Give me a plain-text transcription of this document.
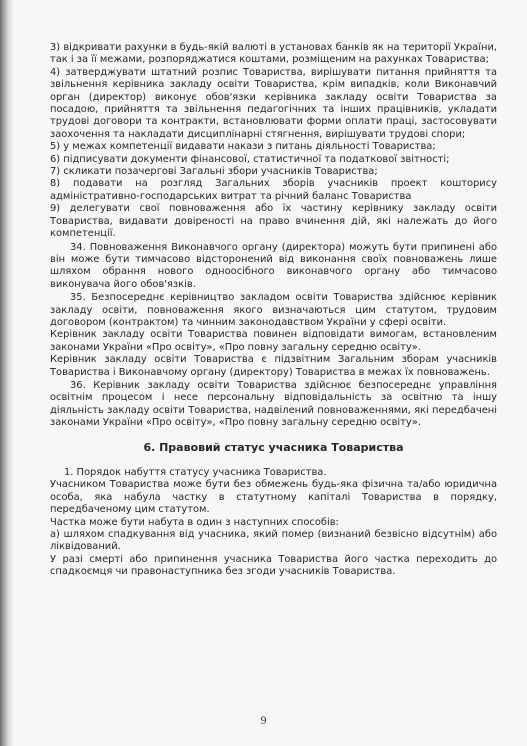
3) відкривати рахунки в будь-якій валюті в установах банків як на території України, так і за її межами, розпоряджатися коштами, розміщеним на рахунках Товариства;

4) затверджувати штатний розпис Товариства, вирішувати питання прийняття та звільнення керівника закладу освіти Товариства, крім випадків, коли Виконавчий орган (директор) виконує обов'язки керівника закладу освіти Товариства за посадою, прийняття та звільнення педагогічних та інших працівників, укладати трудові договори та контракти, встановлювати форми оплати праці, застосовувати заохочення та накладати дисциплінарні стягнення, вирішувати трудові спори;

5) у межах компетенції видавати накази з питань діяльності Товариства;

6) підписувати документи фінансової, статистичної та податкової звітності;

7) скликати позачергові Загальні збори учасників Товариства;

8) подавати на розгляд Загальних зборів учасників проект кошторису адміністративно-господарських витрат та річний баланс Товариства

9) делегувати свої повноваження або їх частину керівнику закладу освіти Товариства, видавати довіреності на право вчинення дій, які належать до його компетенції.

34. Повноваження Виконавчого органу (директора) можуть бути припинені або він може бути тимчасово відсторонений від виконання своїх повноважень лише шляхом обрання нового одноосібного виконавчого органу або тимчасово виконувача його обов'язків.

35. Безпосереднє керівництво закладом освіти Товариства здійснює керівник закладу освіти, повноваження якого визначаються цим статутом, трудовим договором (контрактом) та чинним законодавством України у сфері освіти.

Керівник закладу освіти Товариства повинен відповідати вимогам, встановленим законами України «Про освіту», «Про повну загальну середню освіту».

Керівник закладу освіти Товариства є підзвітним Загальним зборам учасників Товариства і Виконавчому органу (директору) Товариства в межах їх повноважень.

36. Керівник закладу освіти Товариства здійснює безпосереднє управління освітнім процесом і несе персональну відповідальність за освітню та іншу діяльність закладу освіти Товариства, надвілений повноваженнями, які передбачені законами України «Про освіту», «Про повну загальну середню освіту».

6. Правовий статус учасника Товариства

1. Порядок набуття статусу учасника Товариства.

Учасником Товариства може бути без обмежень будь-яка фізична та/або юридична особа, яка набула частку в статутному капіталі Товариства в порядку, передбаченому цим статутом.

Частка може бути набута в один з наступних способів:

а) шляхом спадкування від учасника, який помер (визнаний безвісно відсутнім) або ліквідований.

У разі смерті або припинення учасника Товариства його частка переходить до спадкоємця чи правонаступника без згоди учасників Товариства.

9
